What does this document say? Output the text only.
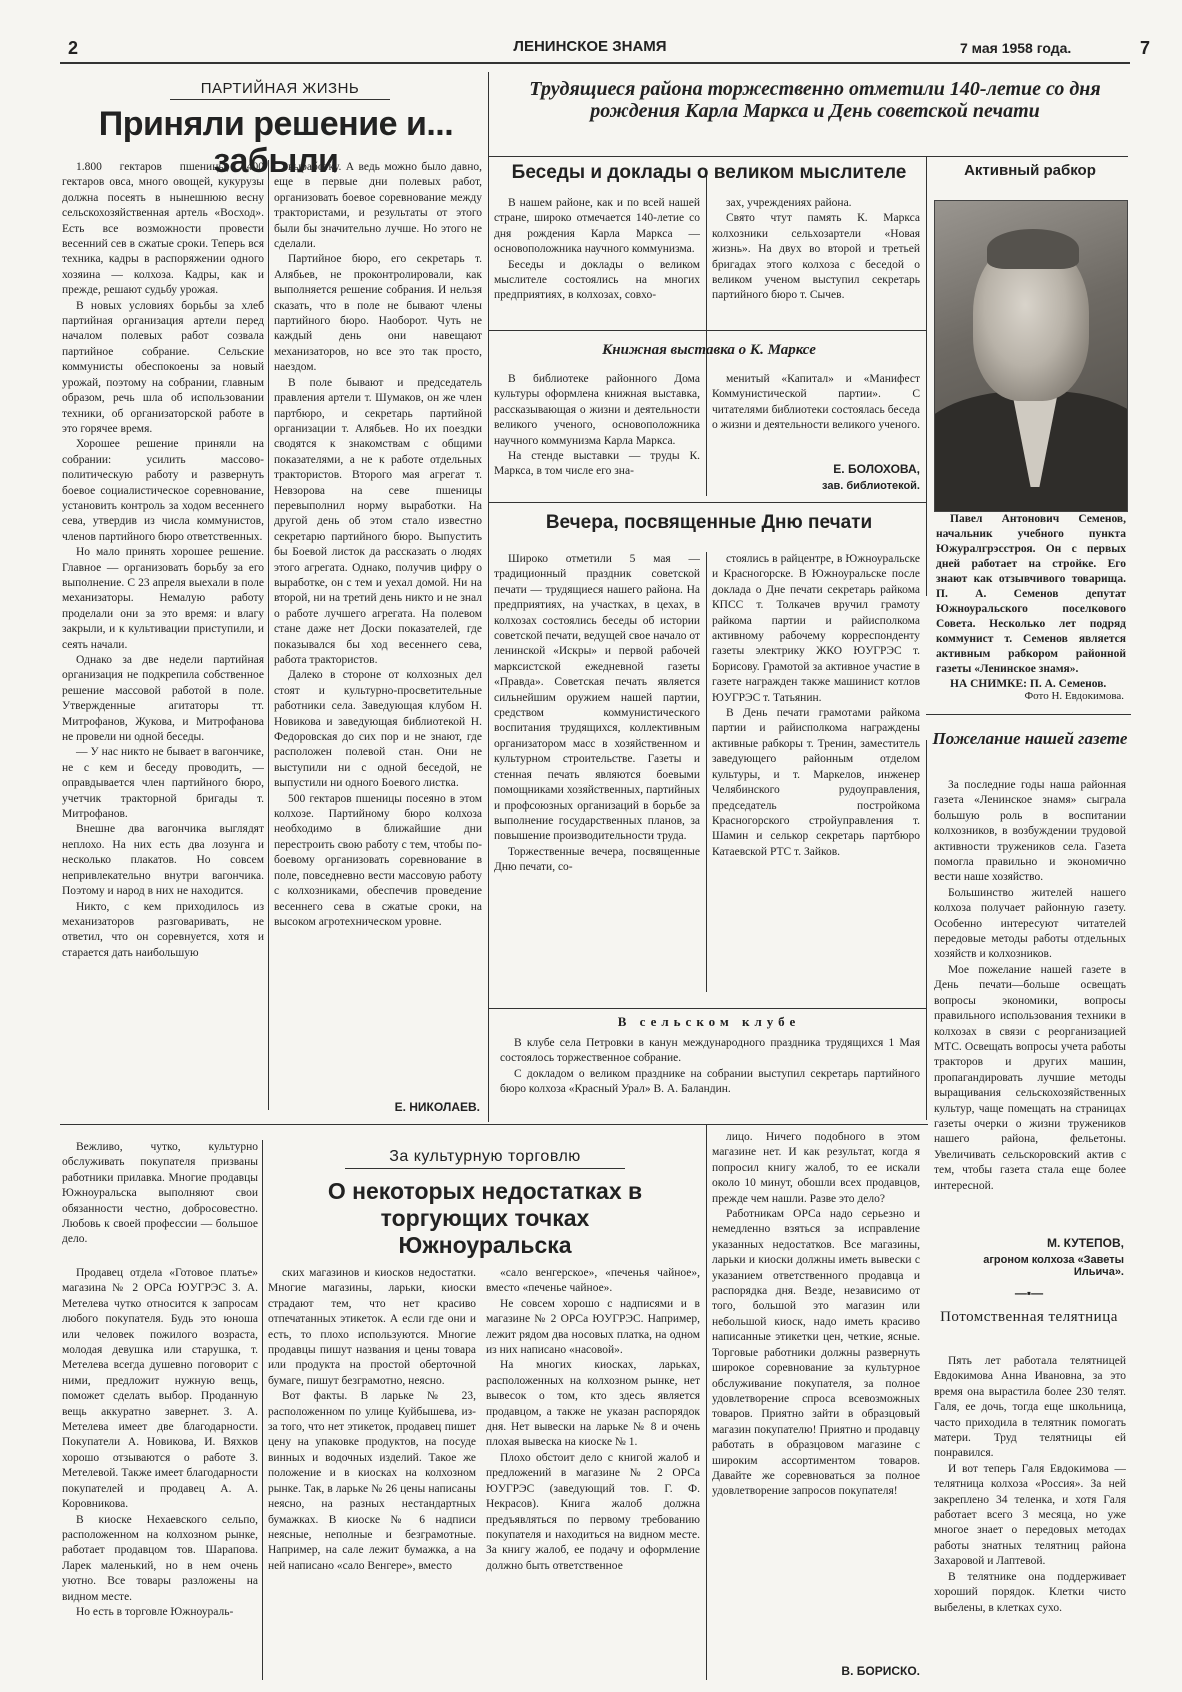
2	ЛЕНИНСКОЕ ЗНАМЯ	7 мая 1958 года.	7
ПАРТИЙНАЯ ЖИЗНЬ
Приняли решение и... забыли

1.800 гектаров пшеницы, 400 гектаров овса, много овощей, кукурузы должна посеять в нынешнюю весну сельскохозяйственная артель «Восход». Есть все возможности провести весенний сев в сжатые сроки. Теперь вся техника, кадры в распоряжении одного хозяина — колхоза. Кадры, как и прежде, решают судьбу урожая.

В новых условиях борьбы за хлеб партийная организация артели перед началом полевых работ созвала партийное собрание. Сельские коммунисты обеспокоены за новый урожай, поэтому на собрании, главным образом, речь шла об использовании техники, об организаторской работе в это горячее время.

Хорошее решение приняли на собрании: усилить массово-политическую работу и развернуть боевое социалистическое соревнование, установить контроль за ходом весеннего сева, утвердив из числа коммунистов, членов партийного бюро ответственных.

Но мало принять хорошее решение. Главное — организовать борьбу за его выполнение. С 23 апреля выехали в поле механизаторы. Немалую работу проделали они за это время: и влагу закрыли, и к культивации приступили, и сеять начали.

Однако за две недели партийная организация не подкрепила собственное решение массовой работой в поле. Утвержденные агитаторы тт. Митрофанов, Жукова, и Митрофанова не провели ни одной беседы.

— У нас никто не бывает в вагончике, не с кем и беседу проводить, — оправдывается член партийного бюро, учетчик тракторной бригады т. Митрофанов.

Внешне два вагончика выглядят неплохо. На них есть два лозунга и несколько плакатов. Но совсем непривлекательно внутри вагончика. Поэтому и народ в них не находится.

Никто, с кем приходилось из механизаторов разговаривать, не ответил, что он соревнуется, хотя и старается дать наибольшую

выработку. А ведь можно было давно, еще в первые дни полевых работ, организовать боевое соревнование между трактористами, и результаты от этого были бы значительно лучше. Но этого не сделали.

Партийное бюро, его секретарь т. Алябьев, не проконтролировали, как выполняется решение собрания. И нельзя сказать, что в поле не бывают члены партийного бюро. Наоборот. Чуть не каждый день они навещают механизаторов, но все это так просто, наездом.

В поле бывают и председатель правления артели т. Шумаков, он же член партбюро, и секретарь партийной организации т. Алябьев. Но их поездки сводятся к знакомствам с общими показателями, а не к работе отдельных трактористов. Второго мая агрегат т. Невзорова на севе пшеницы перевыполнил норму выработки. На другой день об этом стало известно секретарю партийного бюро. Выпустить бы Боевой листок да рассказать о людях этого агрегата. Однако, получив цифру о выработке, он с тем и уехал домой. Ни на второй, ни на третий день никто и не знал о работе лучшего агрегата. На полевом стане даже нет Доски показателей, где показывался бы ход весеннего сева, работа трактористов.

Далеко в стороне от колхозных дел стоят и культурно-просветительные работники села. Заведующая клубом Н. Новикова и заведующая библиотекой Н. Федоровская до сих пор и не знают, где расположен полевой стан. Они не выступили ни с одной беседой, не выпустили ни одного Боевого листка.

500 гектаров пшеницы посеяно в этом колхозе. Партийному бюро колхоза необходимо в ближайшие дни перестроить свою работу с тем, чтобы по-боевому организовать соревнование в поле, повседневно вести массовую работу с колхозниками, обеспечив проведение весеннего сева в сжатые сроки, на высоком агротехническом уровне.

Е. НИКОЛАЕВ.
Трудящиеся района торжественно отметили 140-летие со дня рождения Карла Маркса и День советской печати
Беседы и доклады о великом мыслителе

В нашем районе, как и по всей нашей стране, широко отмечается 140-летие со дня рождения Карла Маркса — основоположника научного коммунизма.

Беседы и доклады о великом мыслителе состоялись на многих предприятиях, в колхозах, совхо-

зах, учреждениях района.

Свято чтут память К. Маркса колхозники сельхозартели «Новая жизнь». На двух во второй и третьей бригадах этого колхоза с беседой о великом ученом выступил секретарь партийного бюро т. Сычев.

Книжная выставка о К. Марксе

В библиотеке районного Дома культуры оформлена книжная выставка, рассказывающая о жизни и деятельности великого ученого, основоположника научного коммунизма Карла Маркса.

На стенде выставки — труды К. Маркса, в том числе его зна-

менитый «Капитал» и «Манифест Коммунистической партии». С читателями библиотеки состоялась беседа о жизни и деятельности великого ученого.

Е. БОЛОХОВА,
зав. библиотекой.
Вечера, посвященные Дню печати

Широко отметили 5 мая — традиционный праздник советской печати — трудящиеся нашего района. На предприятиях, на участках, в цехах, в колхозах состоялись беседы об истории советской печати, ведущей свое начало от ленинской «Искры» и первой рабочей марксистской ежедневной газеты «Правда». Советская печать является сильнейшим оружием нашей партии, средством коммунистического воспитания трудящихся, коллективным организатором масс в хозяйственном и культурном строительстве. Газеты и стенная печать являются боевыми помощниками хозяйственных, партийных и профсоюзных организаций в борьбе за выполнение государственных планов, за повышение производительности труда.

Торжественные вечера, посвященные Дню печати, со-

стоялись в райцентре, в Южноуральске и Красногорске. В Южноуральске после доклада о Дне печати секретарь райкома КПСС т. Толкачев вручил грамоту райкома партии и райисполкома активному рабочему корреспонденту газеты электрику ЖКО ЮУГРЭС т. Борисову. Грамотой за активное участие в газете награжден также машинист котлов ЮУГРЭС т. Татьянин.

В День печати грамотами райкома партии и райисполкома награждены активные рабкоры т. Тренин, заместитель заведующего районным отделом культуры, и т. Маркелов, инженер Челябинского рудоуправления, председатель постройкома Красногорского стройуправления т. Шамин и селькор секретарь партбюро Катаевской РТС т. Зайков.

В сельском клубе

В клубе села Петровки в канун международного праздника трудящихся 1 Мая состоялось торжественное собрание.

С докладом о великом празднике на собрании выступил секретарь партийного бюро колхоза «Красный Урал» В. А. Баландин.

Активный рабкор

Павел Антонович Семенов, начальник учебного пункта Южуралгрэсстроя. Он с первых дней работает на стройке. Его знают как отзывчивого товарища. П. А. Семенов депутат Южноуральского поселкового Совета. Несколько лет подряд коммунист т. Семенов является активным рабкором районной газеты «Ленинское знамя».

НА СНИМКЕ: П. А. Семенов.

Фото Н. Евдокимова.
Пожелание нашей газете

За последние годы наша районная газета «Ленинское знамя» сыграла большую роль в воспитании колхозников, в возбуждении трудовой активности тружеников села. Газета помогла правильно и экономично вести наше хозяйство.

Большинство жителей нашего колхоза получает районную газету. Особенно интересуют читателей передовые методы работы отдельных хозяйств и колхозников.

Мое пожелание нашей газете в День печати—больше освещать вопросы экономики, вопросы правильного использования техники в колхозах в связи с реорганизацией МТС. Освещать вопросы учета работы тракторов и других машин, пропагандировать лучшие методы выращивания сельскохозяйственных культур, чаще помещать на страницах газеты очерки о жизни тружеников нашего района, фельетоны. Увеличивать сельскоровский актив с тем, чтобы газета стала еще более интересной.

М. КУТЕПОВ,
агроном колхоза «Заветы Ильича».
—▪—
Потомственная телятница

Пять лет работала телятницей Евдокимова Анна Ивановна, за это время она вырастила более 230 телят. Галя, ее дочь, тогда еще школьница, часто приходила в телятник помогать матери. Труд телятницы ей понравился.

И вот теперь Галя Евдокимова —телятница колхоза «Россия». За ней закреплено 34 теленка, и хотя Галя работает всего 3 месяца, но уже многое знает о передовых методах работы знатных телятниц района Захаровой и Лаптевой.

В телятнике она поддерживает хороший порядок. Клетки чисто выбелены, в клетках сухо.

Вежливо, чутко, культурно обслуживать покупателя призваны работники прилавка. Многие продавцы Южноуральска выполняют свои обязанности честно, добросовестно. Любовь к своей профессии — большое дело.

За культурную торговлю
О некоторых недостатках в торгующих точках Южноуральска

Продавец отдела «Готовое платье» магазина № 2 ОРСа ЮУГРЭС З. А. Метелева чутко относится к запросам любого покупателя. Будь это юноша или человек пожилого возраста, молодая девушка или старушка, т. Метелева всегда душевно поговорит с ними, предложит нужную вещь, поможет сделать выбор. Проданную вещь аккуратно завернет. З. А. Метелева имеет две благодарности. Покупатели А. Новикова, И. Вяхков хорошо отзываются о работе З. Метелевой. Также имеет благодарности покупателей и продавец А. А. Коровникова.

В киоске Нехаевского сельпо, расположенном на колхозном рынке, работает продавцом тов. Шарапова. Ларек маленький, но в нем очень уютно. Все товары разложены на видном месте.

Но есть в торговле Южноураль-

ских магазинов и киосков недостатки. Многие магазины, ларьки, киоски страдают тем, что нет красиво отпечатанных этикеток. А если где они и есть, то плохо используются. Многие продавцы пишут названия и цены товара или продукта на простой оберточной бумаге, пишут безграмотно, неясно.

Вот факты. В ларьке № 23, расположенном по улице Куйбышева, из-за того, что нет этикеток, продавец пишет цену на упаковке продуктов, на посуде винных и водочных изделий. Такое же положение и в киосках на колхозном рынке. Так, в ларьке № 26 цены написаны неясно, на разных нестандартных бумажках. В киоске № 6 надписи неясные, неполные и безграмотные. Например, на сале лежит бумажка, а на ней написано «сало Венгере», вместо

«сало венгерское», «печенья чайное», вместо «печенье чайное».

Не совсем хорошо с надписями и в магазине № 2 ОРСа ЮУГРЭС. Например, лежит рядом два носовых платка, на одном из них написано «насовой».

На многих киосках, ларьках, расположенных на колхозном рынке, нет вывесок о том, кто здесь является продавцом, а также не указан распорядок дня. Нет вывески на ларьке № 8 и очень плохая вывеска на киоске № 1.

Плохо обстоит дело с книгой жалоб и предложений в магазине № 2 ОРСа ЮУГРЭС (заведующий тов. Г. Ф. Некрасов). Книга жалоб должна предъявляться по первому требованию покупателя и находиться на видном месте. За книгу жалоб, ее подачу и оформление должно быть ответственное

лицо. Ничего подобного в этом магазине нет. И как результат, когда я попросил книгу жалоб, то ее искали около 10 минут, обошли всех продавцов, прежде чем нашли. Разве это дело?

Работникам ОРСа надо серьезно и немедленно взяться за исправление указанных недостатков. Все магазины, ларьки и киоски должны иметь вывески с указанием ответственного продавца и распорядка дня. Везде, независимо от того, большой это магазин или небольшой киоск, надо иметь красиво написанные этикетки цен, четкие, ясные. Торговые работники должны развернуть широкое соревнование за культурное обслуживание покупателя, за полное удовлетворение спроса всевозможных товаров. Приятно зайти в образцовый магазин покупателю! Приятно и продавцу работать в образцовом магазине с широким ассортиментом товаров. Давайте же соревноваться за полное удовлетворение запросов покупателя!

В. БОРИСКО.
